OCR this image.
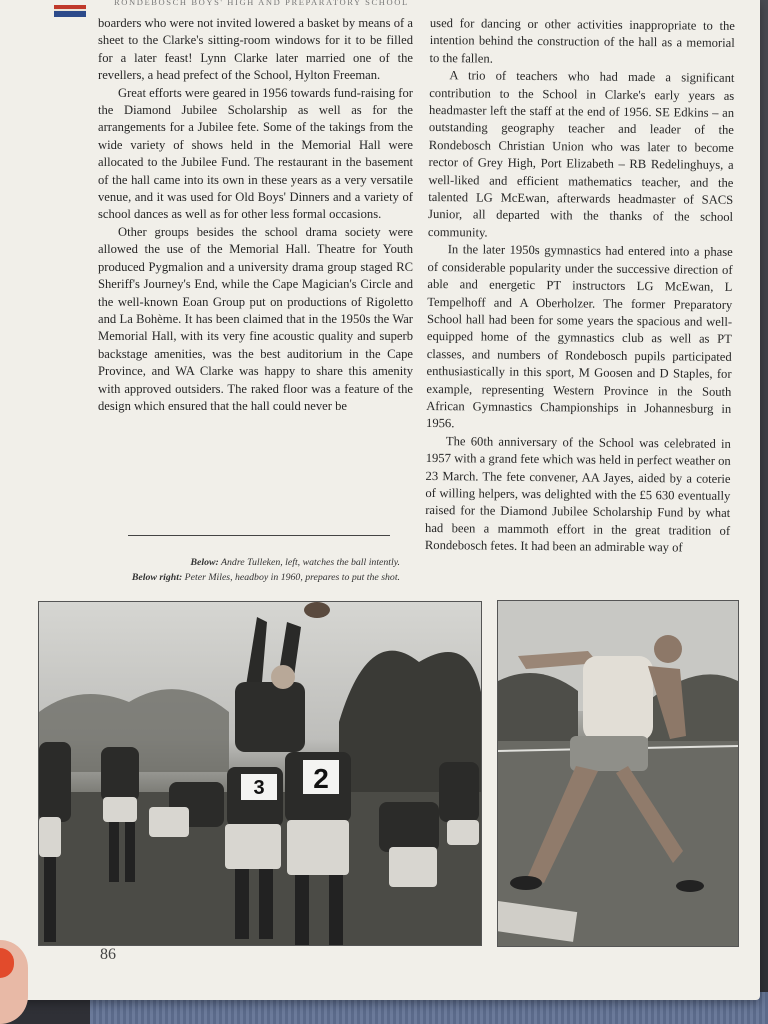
RONDEBOSCH BOYS' HIGH AND PREPARATORY SCHOOL

boarders who were not invited lowered a basket by means of a sheet to the Clarke's sitting-room windows for it to be filled for a later feast! Lynn Clarke later married one of the revellers, a head prefect of the School, Hylton Freeman.

Great efforts were geared in 1956 towards fund-raising for the Diamond Jubilee Scholarship as well as for the arrangements for a Jubilee fete. Some of the takings from the wide variety of shows held in the Memorial Hall were allocated to the Jubilee Fund. The restaurant in the basement of the hall came into its own in these years as a very versatile venue, and it was used for Old Boys' Dinners and a variety of school dances as well as for other less formal occasions.

Other groups besides the school drama society were allowed the use of the Memorial Hall. Theatre for Youth produced Pygmalion and a university drama group staged RC Sheriff's Journey's End, while the Cape Magician's Circle and the well-known Eoan Group put on productions of Rigoletto and La Bohème. It has been claimed that in the 1950s the War Memorial Hall, with its very fine acoustic quality and superb backstage amenities, was the best auditorium in the Cape Province, and WA Clarke was happy to share this amenity with approved outsiders. The raked floor was a feature of the design which ensured that the hall could never be

used for dancing or other activities inappropriate to the intention behind the construction of the hall as a memorial to the fallen.

A trio of teachers who had made a significant contribution to the School in Clarke's early years as headmaster left the staff at the end of 1956. SE Edkins – an outstanding geography teacher and leader of the Rondebosch Christian Union who was later to become rector of Grey High, Port Elizabeth – RB Redelinghuys, a well-liked and efficient mathematics teacher, and the talented LG McEwan, afterwards headmaster of SACS Junior, all departed with the thanks of the school community.

In the later 1950s gymnastics had entered into a phase of considerable popularity under the successive direction of able and energetic PT instructors LG McEwan, L Tempelhoff and A Oberholzer. The former Preparatory School hall had been for some years the spacious and well-equipped home of the gymnastics club as well as PT classes, and numbers of Rondebosch pupils participated enthusiastically in this sport, M Goosen and D Staples, for example, representing Western Province in the South African Gymnastics Championships in Johannesburg in 1956.

The 60th anniversary of the School was celebrated in 1957 with a grand fete which was held in perfect weather on 23 March. The fete convener, AA Jayes, aided by a coterie of willing helpers, was delighted with the £5 630 eventually raised for the Diamond Jubilee Scholarship Fund by what had been a mammoth effort in the great tradition of Rondebosch fetes. It had been an admirable way of

Below: Andre Tulleken, left, watches the ball intently.
Below right: Peter Miles, headboy in 1960, prepares to put the shot.
3 2
86
